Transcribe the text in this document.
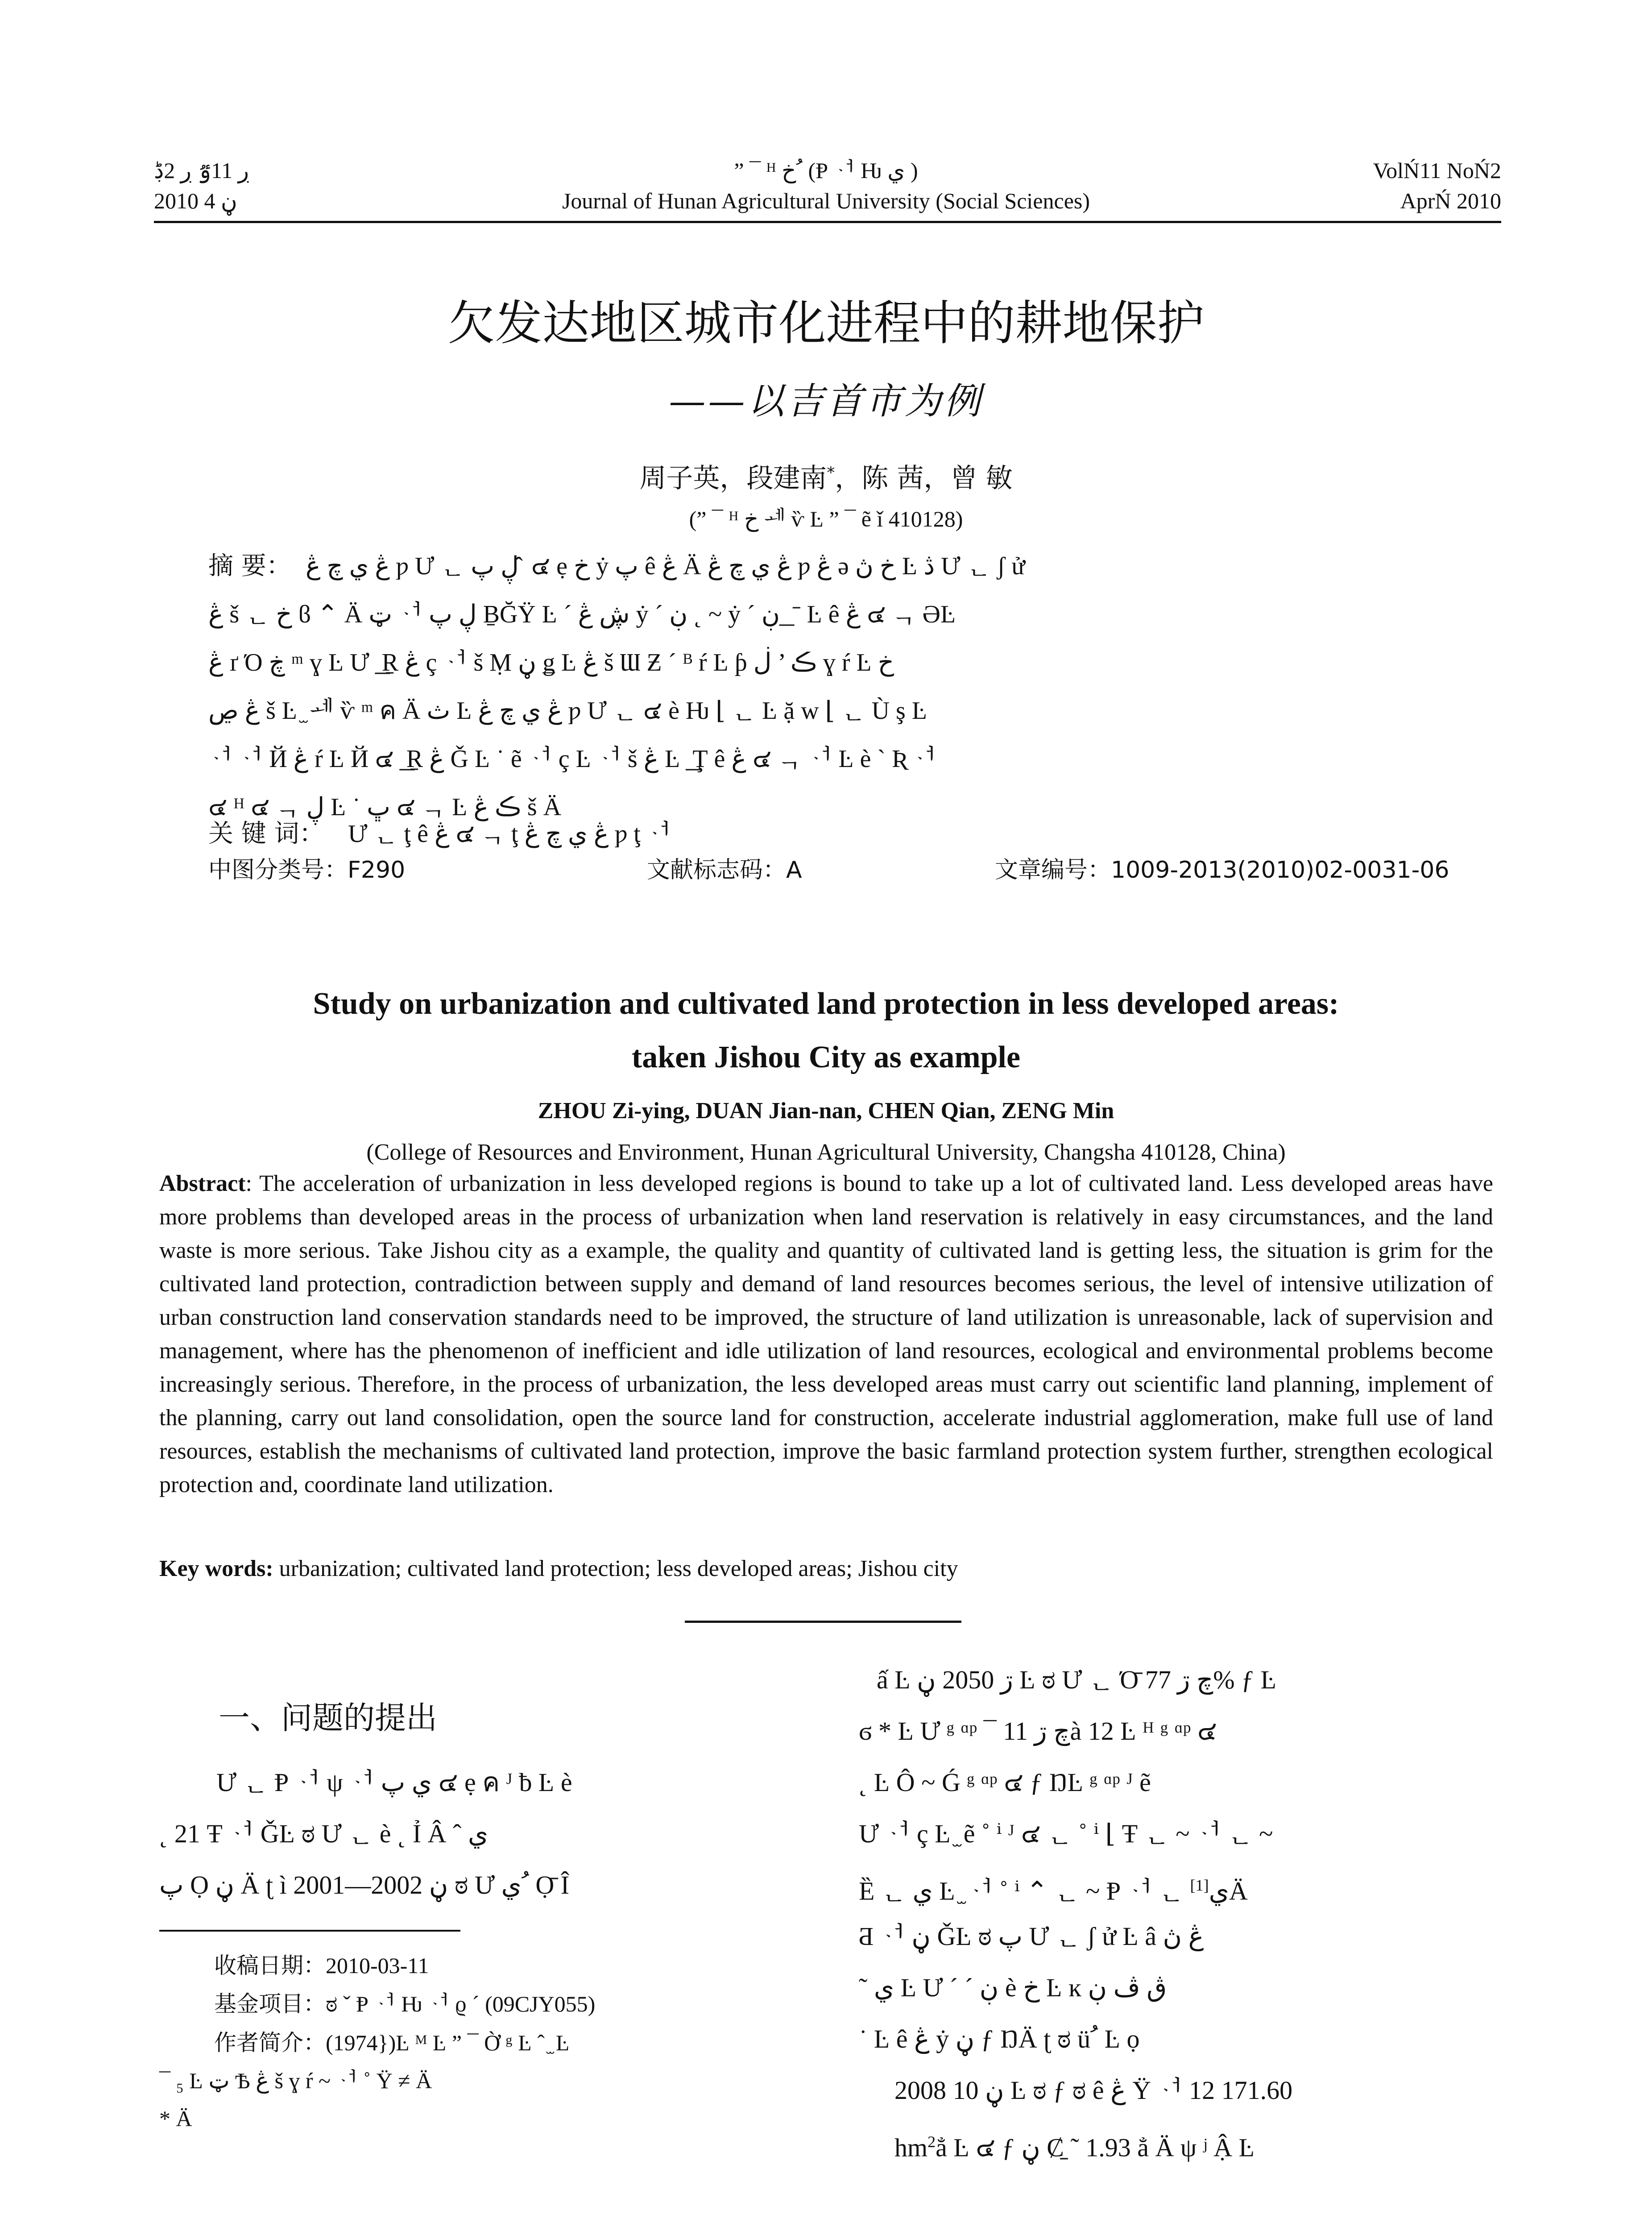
ڔ 11ٷ ڔ 2ڋ
2010 ڼ 4
” ¯ ᴴ خ ُ (Ᵽ ᆟ Ƕ ي )
Journal of Hunan Agricultural University (Social Sciences)
VolŃ11 NoŃ2
AprŃ 2010
欠发达地区城市化进程中的耕地保护
——以吉首市为例
周子英，段建南*，陈 茜，曾 敏
(” ¯ ᴴ خ ᆀ ѷ Ŀ ” ¯ ẽ ǐ 410128)
摘 要： ڠ ي چ ڠ ƿ Ư ᆫ ڸ پ ̂ ๔ ẹ خ ẏ پ ê ڠ Ä ڠ ي چ ڠ ƿ ڠ ə خ ڽ Ŀ ڎ Ư ᆫ ʃ ử
ڠ š ᆫ خ ϐ ⌃ Ä ټ ᆟ ڸ پ ḆĞŸ Ŀ ´ ڜ ڠ ẏ ´ ڹ ˛ ~ ẏ ´ ڹ ͟ ˉ Ŀ ê ڠ ๔ ᆨ ƏĿ
ڠ ґ Ό ڿ ᵐ ɣ Ŀ Ư ͟ Ṟ ڠ ç ᆟ š Ṃ ڼ ǥ Ŀ ڠ š Ɯ Ƶ ´ ᴮ ŕ Ŀ ƥ ڪ ’ ڶ ɣ ŕ Ŀ خ
ڠ ڝ š Ŀ ̫ ᆀ ѷ ᵐ ค Ä ث Ŀ ڠ ي چ ڠ ƿ Ư ᆫ ๔ è Ƕ ⌊ ᆫ Ŀ ặ w ⌊ ᆫ Ù ş Ŀ
ᆟ ᆟ Й ڠ ŕ Ŀ Й ๔ ͟ Ṟ ڠ Ǧ Ŀ ˙ ẽ ᆟ ç Ŀ ᆟ š ڠ Ŀ ͟ Ţ ê ڠ ๔ ᆨ ᆟ Ŀ è ˋ Ʀ ᆟ
๔ ᴴ ๔ ᆨ ڸ Ŀ ˙ ڀ ๔ ᆨ Ŀ ڪ ڠ š Ä
关 键 词： Ư ᆫ ţ ê ڠ ๔ ᆨ ţ ڠ ي چ ڠ ƿ ţ ᆟ
中图分类号：F290	文献标志码：A	文章编号：1009-2013(2010)02-0031-06
Study on urbanization and cultivated land protection in less developed areas:
taken Jishou City as example
ZHOU Zi-ying, DUAN Jian-nan, CHEN Qian, ZENG Min
(College of Resources and Environment, Hunan Agricultural University, Changsha 410128, China)
Abstract: The acceleration of urbanization in less developed regions is bound to take up a lot of cultivated land. Less developed areas have more problems than developed areas in the process of urbanization when land reservation is relatively in easy circumstances, and the land waste is more serious. Take Jishou city as a example, the quality and quantity of cultivated land is getting less, the situation is grim for the cultivated land protection, contradiction between supply and demand of land resources becomes serious, the level of intensive utilization of urban construction land conservation standards need to be improved, the structure of land utilization is unreasonable, lack of supervision and management, where has the phenomenon of inefficient and idle utilization of land resources, ecological and environmental problems become increasingly serious. Therefore, in the process of urbanization, the less developed areas must carry out scientific land planning, implement of the planning, carry out land consolidation, open the source land for construction, accelerate industrial agglomeration, make full use of land resources, establish the mechanisms of cultivated land protection, improve the basic farmland protection system further, strengthen ecological protection and, coordinate land utilization.
Key words: urbanization; cultivated land protection; less developed areas; Jishou city
一、问题的提出
Ư ᆫ Ᵽ ᆟ ψ ᆟ ي پ ๔ ẹ ค ᴶ ƀ Ŀ è
˛ 21 Ŧ ᆟ ǦĿ ಠ Ư ᆫ è ˛ Ỉ Â ˆ ي
پ Ọ ڼ Ä ʈ ì 2001—2002 ڼ ಠ Ư ي ُ Ọ̄ Î
收稿日期：2010-03-11
基金项目：ಠ ˇ Ᵽ ᆟ Ƕ ᆟ ϱ ´ (09CJY055)
作者简介：(1974})Ŀ ᴹ Ŀ ” ¯ Ờ ᵍ Ŀ ˆ ̫ Ŀ
¯ ₅ Ŀ ټ Ѣ ڠ š ɣ ŕ ~ ᆟ ˚ Ÿ ≠ Ä
* Ä
ấ Ŀ ڗ 2050 ڼ Ŀ ಠ Ư ᆫ Ό̄ چ ڗ 77% ƒ Ŀ
ϭ * Ŀ Ư ᵍ ᵅᵖ ¯ چ ڗ 11à 12 Ŀ ᴴ ᵍ ᵅᵖ ๔
˛ Ŀ Ô ~ Ǵ ᵍ ᵅᵖ ๔ ƒ ŊĿ ᵍ ᵅᵖ ᴶ ẽ
Ư ᆟ ç Ŀ ̫ ẽ ˚ ⁱ ᴶ ๔ ᆫ ˚ ⁱ ⌊ Ŧ ᆫ ~ ᆟ ᆫ ~
Ȅ ᆫ ي Ŀ ̫ ᆟ ˚ ⁱ ⌃ ᆫ ~ Ᵽ ᆟ ᆫ ي[1] Ä
Ƌ ᆟ ڼ ǦĿ ಠ پ Ư ᆫ ʃ ử Ŀ â ڠ ڽ
˜ ي Ŀ Ư ˊ ´ ڹ è خ Ŀ ĸ ڨ ڤ ڹ
˙ Ŀ ê ڠ ẏ ڼ ƒ ŊÄ ʈ ಠ ü ُ Ŀ ọ
2008 ڼ 10 Ŀ ಠ ƒ ಠ ê ڠ Ÿ ᆟ 12 171.60
$hm^2ẳ$ Ŀ ๔ ƒ ڼ Ȼ̱ ˜ 1.93 ẳ Ä ψ ʲ Ậ Ŀ
